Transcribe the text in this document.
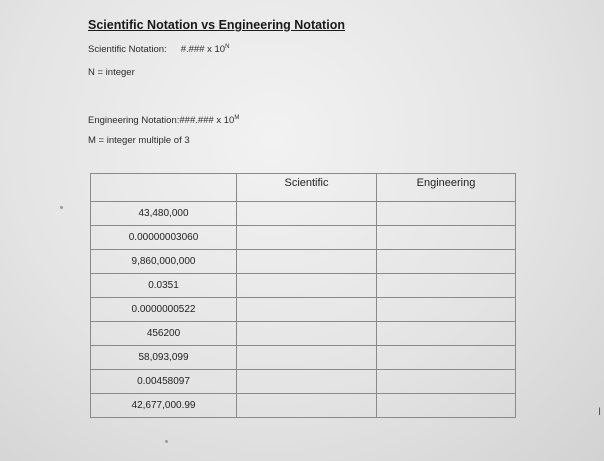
Scientific Notation vs Engineering Notation
Scientific Notation: #.### x $10^N$
N = integer
Engineering Notation:###.### x $10^M$
M = integer multiple of 3
	Scientific	Engineering
43,480,000		
0.00000003060		
9,860,000,000		
0.0351		
0.0000000522		
456200		
58,093,099		
0.00458097		
42,677,000.99		
I
